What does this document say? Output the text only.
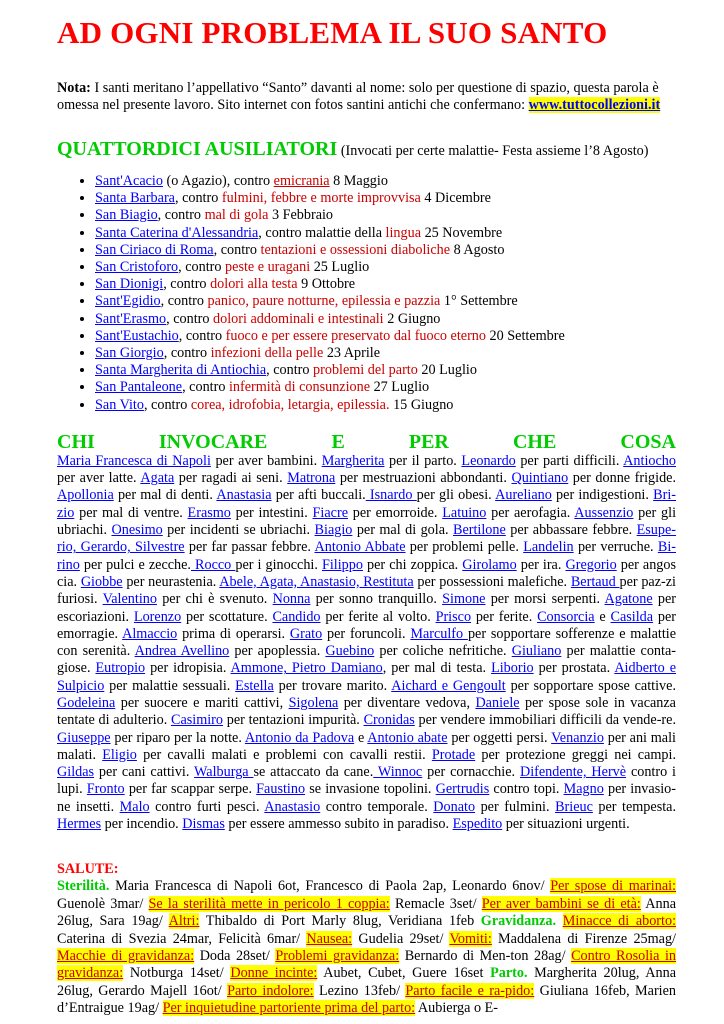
AD OGNI PROBLEMA IL SUO SANTO

Nota: I santi meritano l’appellativo “Santo” davanti al nome: solo per questione di spazio, questa parola è omessa nel presente lavoro. Sito internet con fotos santini antichi che confermano: www.tuttocollezioni.it

QUATTORDICI AUSILIATORI (Invocati per certe malattie- Festa assieme l’8 Agosto)

• Sant'Acacio (o Agazio), contro emicrania 8 Maggio
• Santa Barbara, contro fulmini, febbre e morte improvvisa 4 Dicembre
• San Biagio, contro mal di gola 3 Febbraio
• Santa Caterina d'Alessandria, contro malattie della lingua 25 Novembre
• San Ciriaco di Roma, contro tentazioni e ossessioni diaboliche 8 Agosto
• San Cristoforo, contro peste e uragani 25 Luglio
• San Dionigi, contro dolori alla testa 9 Ottobre
• Sant'Egidio, contro panico, paure notturne, epilessia e pazzia 1° Settembre
• Sant'Erasmo, contro dolori addominali e intestinali 2 Giugno
• Sant'Eustachio, contro fuoco e per essere preservato dal fuoco eterno 20 Settembre
• San Giorgio, contro infezioni della pelle 23 Aprile
• Santa Margherita di Antiochia, contro problemi del parto 20 Luglio
• San Pantaleone, contro infermità di consunzione 27 Luglio
• San Vito, contro corea, idrofobia, letargia, epilessia. 15 Giugno
CHI	INVOCARE	E	PER	CHE	COSA

Maria Francesca di Napoli per aver bambini. Margherita per il parto. Leonardo per parti difficili. Antiocho per aver latte. Agata per ragadi ai seni. Matrona per mestruazioni abbondanti. Quintiano per donne frigide. Apollonia per mal di denti. Anastasia per afti buccali. Isnardo per gli obesi. Aureliano per indigestioni. Bri-zio per mal di ventre. Erasmo per intestini. Fiacre per emorroide. Latuino per aerofagia. Aussenzio per gli ubriachi. Onesimo per incidenti se ubriachi. Biagio per mal di gola. Bertilone per abbassare febbre. Esupe-rio, Gerardo, Silvestre per far passar febbre. Antonio Abbate per problemi pelle. Landelin per verruche. Bi-rino per pulci e zecche. Rocco per i ginocchi. Filippo per chi zoppica. Girolamo per ira. Gregorio per angos cia. Giobbe per neurastenia. Abele, Agata, Anastasio, Restituta per possessioni malefiche. Bertaud per paz-zi furiosi. Valentino per chi è svenuto. Nonna per sonno tranquillo. Simone per morsi serpenti. Agatone per escoriazioni. Lorenzo per scottature. Candido per ferite al volto. Prisco per ferite. Consorcia e Casilda per emorragie. Almaccio prima di operarsi. Grato per foruncoli. Marculfo per sopportare sofferenze e malattie con serenità. Andrea Avellino per apoplessia. Guebino per coliche nefritiche. Giuliano per malattie conta-giose. Eutropio per idropisia. Ammone, Pietro Damiano, per mal di testa. Liborio per prostata. Aidberto e Sulpicio per malattie sessuali. Estella per trovare marito. Aichard e Gengoult per sopportare spose cattive. Godeleina per suocere e mariti cattivi, Sigolena per diventare vedova, Daniele per spose sole in vacanza tentate di adulterio. Casimiro per tentazioni impurità. Cronidas per vendere immobiliari difficili da vende-re. Giuseppe per riparo per la notte. Antonio da Padova e Antonio abate per oggetti persi. Venanzio per ani mali malati. Eligio per cavalli malati e problemi con cavalli restii. Protade per protezione greggi nei campi. Gildas per cani cattivi. Walburga se attaccato da cane. Winnoc per cornacchie. Difendente, Hervè contro i lupi. Fronto per far scappar serpe. Faustino se invasione topolini. Gertrudis contro topi. Magno per invasio-ne insetti. Malo contro furti pesci. Anastasio contro temporale. Donato per fulmini. Brieuc per tempesta. Hermes per incendio. Dismas per essere ammesso subito in paradiso. Espedito per situazioni urgenti.

SALUTE:

Sterilità. Maria Francesca di Napoli 6ot, Francesco di Paola 2ap, Leonardo 6nov/ Per spose di marinai: Guenolè 3mar/ Se la sterilità mette in pericolo 1 coppia: Remacle 3set/ Per aver bambini se di età: Anna 26lug, Sara 19ag/ Altri: Thibaldo di Port Marly 8lug, Veridiana 1feb Gravidanza. Minacce di aborto: Caterina di Svezia 24mar, Felicità 6mar/ Nausea: Gudelia 29set/ Vomiti: Maddalena di Firenze 25mag/ Macchie di gravidanza: Doda 28set/ Problemi gravidanza: Bernardo di Men-ton 28ag/ Contro Rosolia in gravidanza: Notburga 14set/ Donne incinte: Aubet, Cubet, Guere 16set Parto. Margherita 20lug, Anna 26lug, Gerardo Majell 16ot/ Parto indolore: Lezino 13feb/ Parto facile e ra-pido: Giuliana 16feb, Marien d’Entraigue 19ag/ Per inquietudine partoriente prima del parto: Aubierga o E-
